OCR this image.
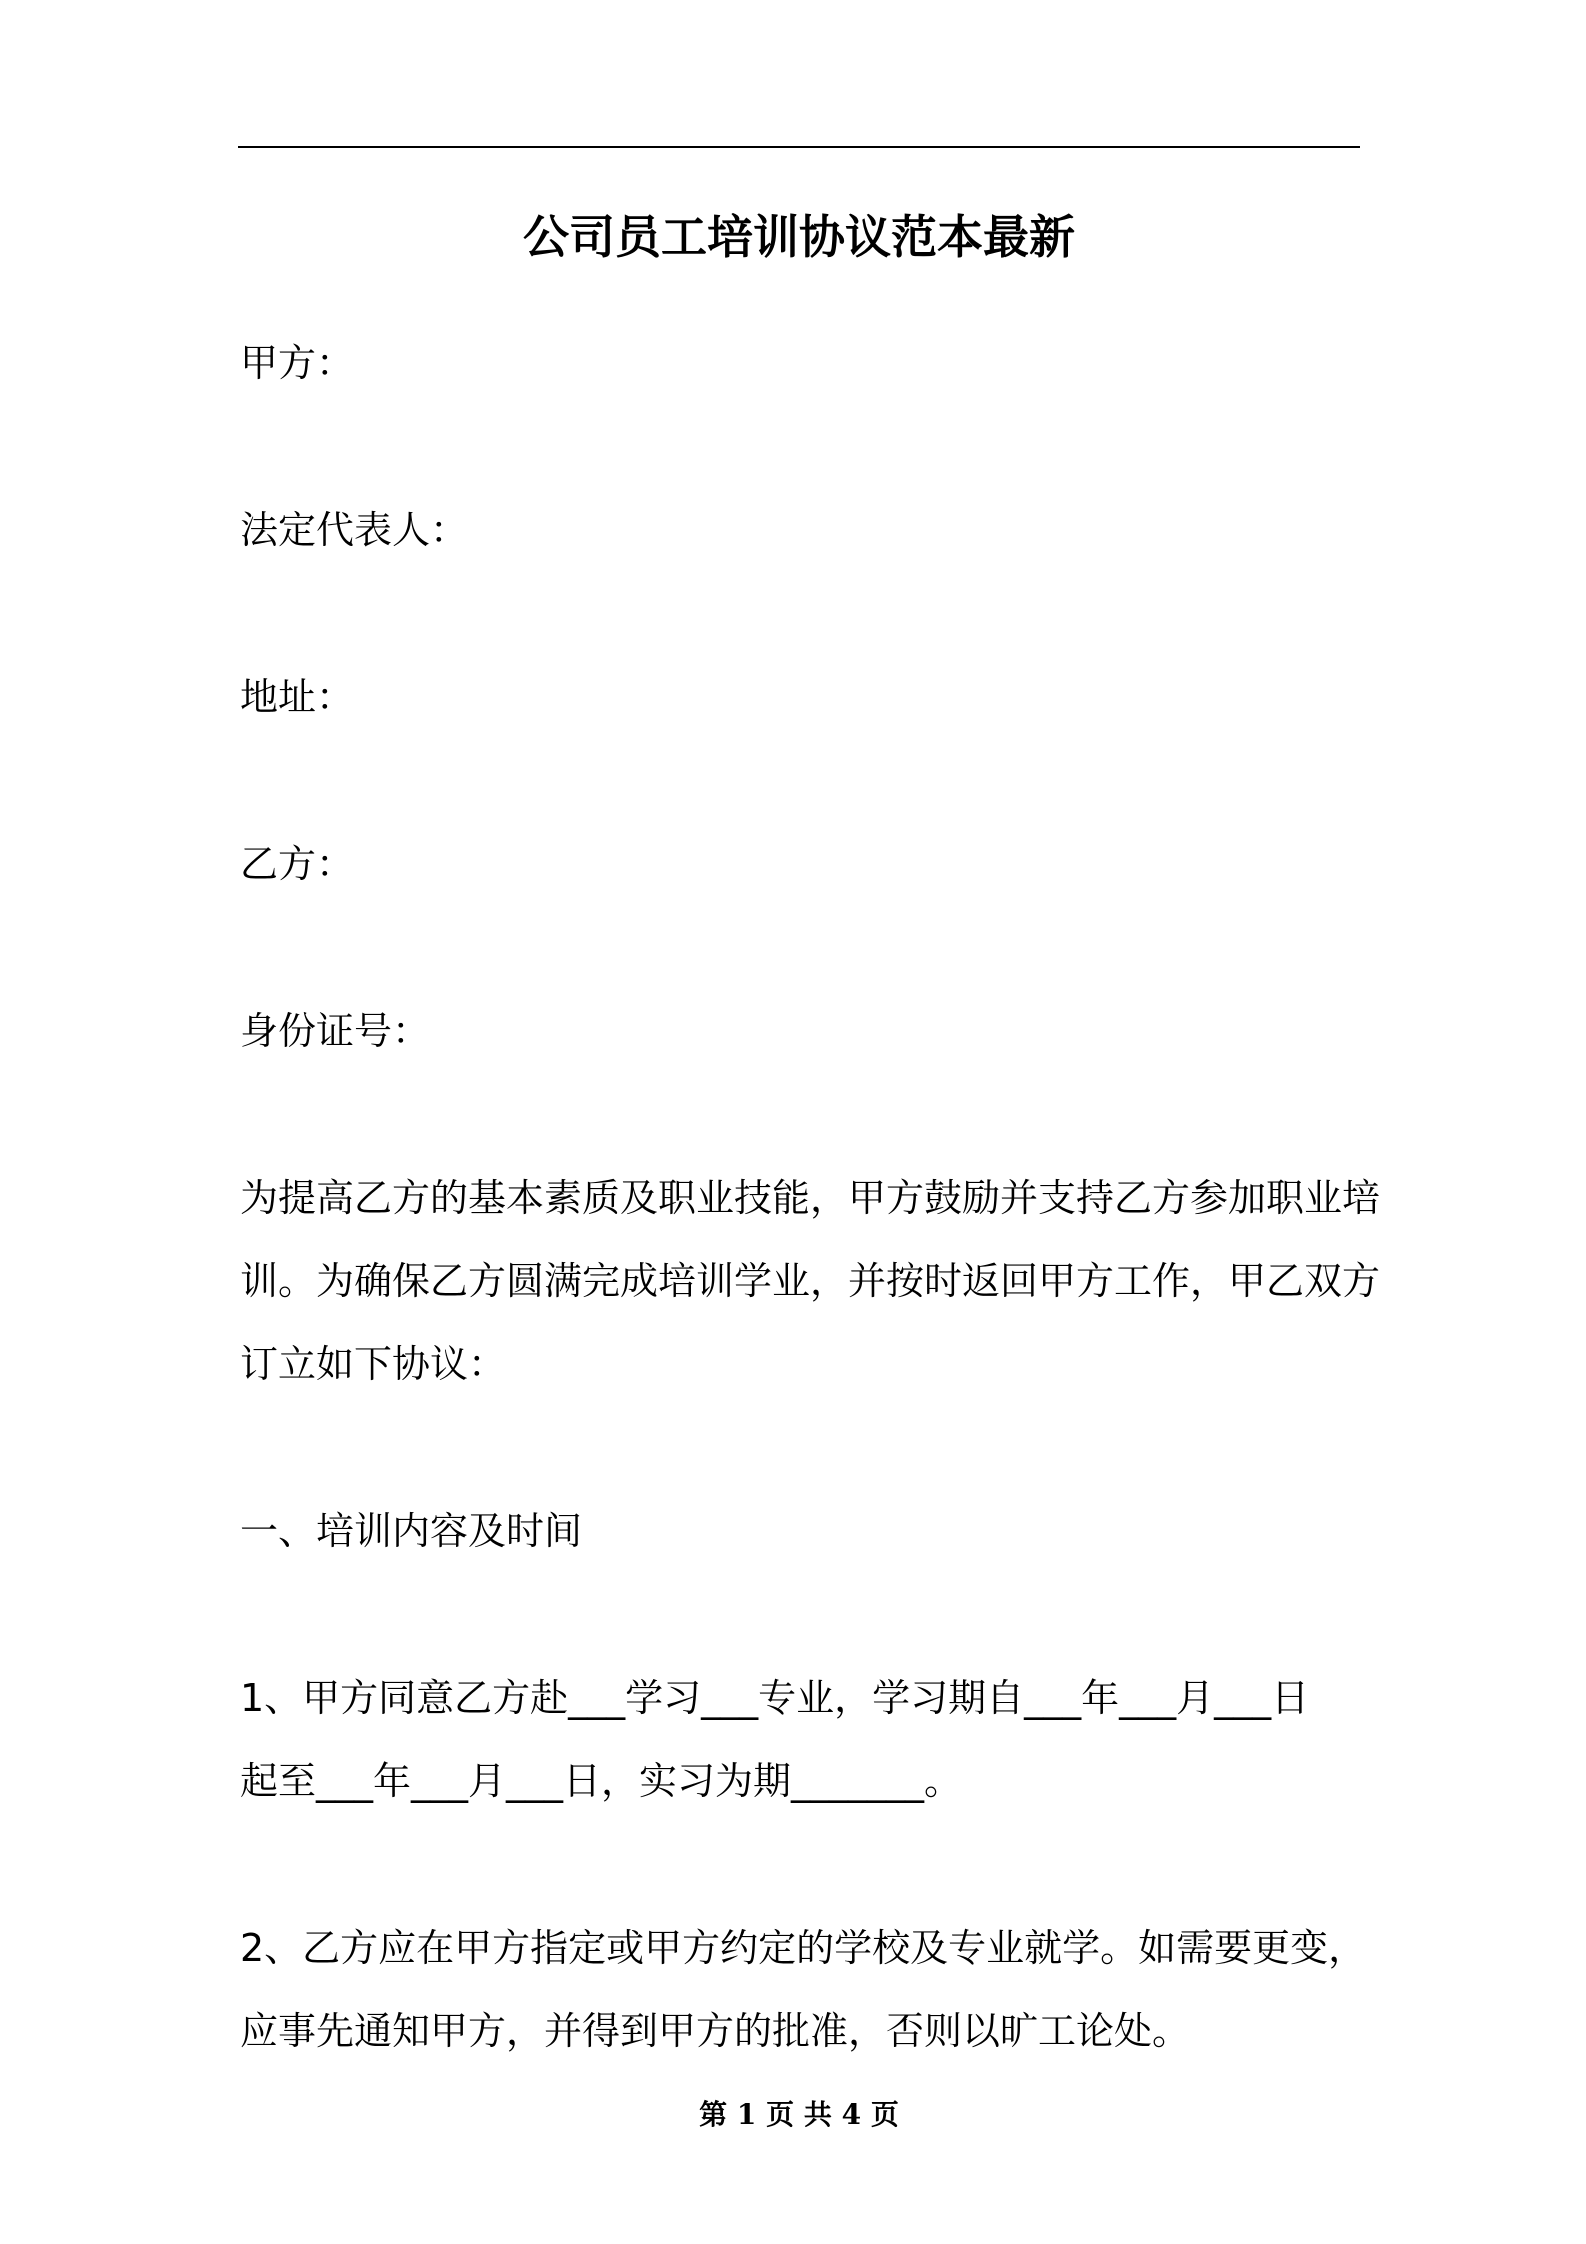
公司员工培训协议范本最新
甲方：
法定代表人：
地址：
乙方：
身份证号：
为提高乙方的基本素质及职业技能，甲方鼓励并支持乙方参加职业培
训。为确保乙方圆满完成培训学业，并按时返回甲方工作，甲乙双方
订立如下协议：
一、培训内容及时间
1、甲方同意乙方赴___学习___专业，学习期自___年___月___日
起至___年___月___日，实习为期_______。
2、乙方应在甲方指定或甲方约定的学校及专业就学。如需要更变，
应事先通知甲方，并得到甲方的批准，否则以旷工论处。
第 1 页 共 4 页
